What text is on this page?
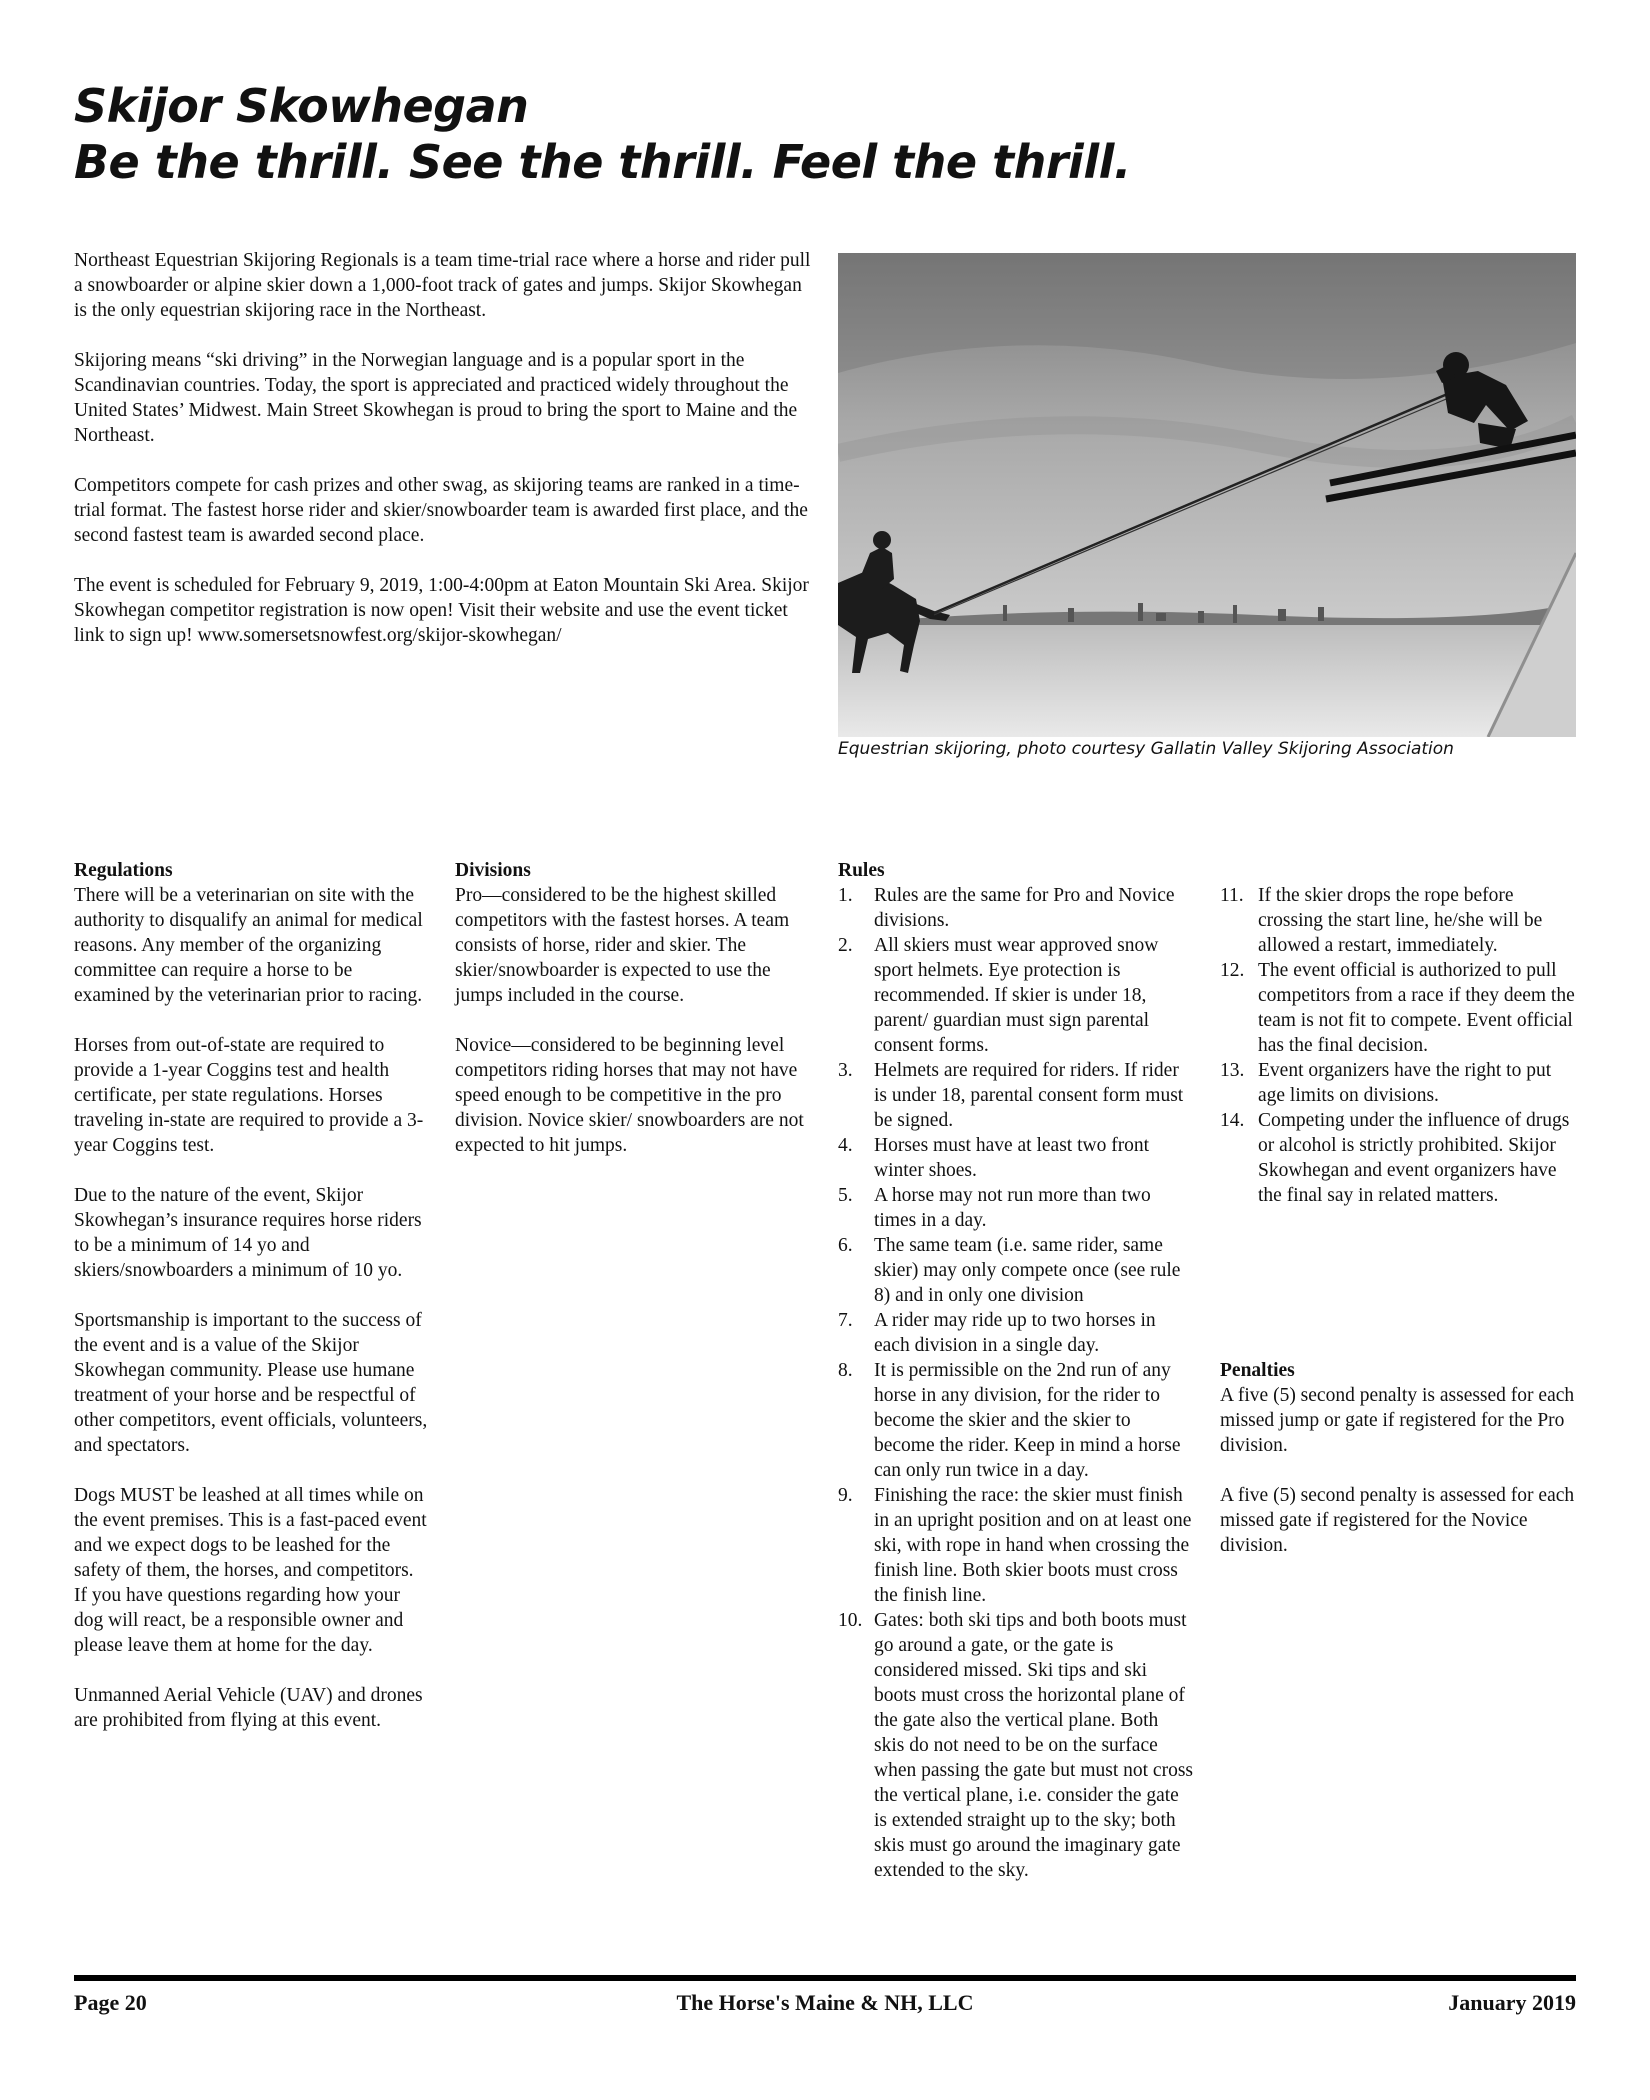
Skijor Skowhegan
Be the thrill. See the thrill. Feel the thrill.

Northeast Equestrian Skijoring Regionals is a team time-trial race where a horse and rider pull a snowboarder or alpine skier down a 1,000-foot track of gates and jumps. Skijor Skowhegan is the only equestrian skijoring race in the Northeast.

Skijoring means “ski driving” in the Norwegian language and is a popular sport in the Scandinavian countries. Today, the sport is appreciated and practiced widely throughout the United States’ Midwest. Main Street Skowhegan is proud to bring the sport to Maine and the Northeast.

Competitors compete for cash prizes and other swag, as skijoring teams are ranked in a time-trial format. The fastest horse rider and skier/snowboarder team is awarded first place, and the second fastest team is awarded second place.

The event is scheduled for February 9, 2019, 1:00-4:00pm at Eaton Mountain Ski Area. Skijor Skowhegan competitor registration is now open! Visit their website and use the event ticket link to sign up! www.somersetsnowfest.org/skijor-skowhegan/

Equestrian skijoring, photo courtesy Gallatin Valley Skijoring Association
Regulations

There will be a veterinarian on site with the authority to disqualify an animal for medical reasons. Any member of the organizing committee can require a horse to be examined by the veterinarian prior to racing.

Horses from out-of-state are required to provide a 1-year Coggins test and health certificate, per state regulations. Horses traveling in-state are required to provide a 3-year Coggins test.

Due to the nature of the event, Skijor Skowhegan’s insurance requires horse riders to be a minimum of 14 yo and skiers/snowboarders a minimum of 10 yo.

Sportsmanship is important to the success of the event and is a value of the Skijor Skowhegan community. Please use humane treatment of your horse and be respectful of other competitors, event officials, volunteers, and spectators.

Dogs MUST be leashed at all times while on the event premises. This is a fast-paced event and we expect dogs to be leashed for the safety of them, the horses, and competitors. If you have questions regarding how your dog will react, be a responsible owner and please leave them at home for the day.

Unmanned Aerial Vehicle (UAV) and drones are prohibited from flying at this event.

Divisions

Pro—considered to be the highest skilled competitors with the fastest horses. A team consists of horse, rider and skier. The skier/snowboarder is expected to use the jumps included in the course.

Novice—considered to be beginning level competitors riding horses that may not have speed enough to be competitive in the pro division. Novice skier/ snowboarders are not expected to hit jumps.

Rules
1.	Rules are the same for Pro and Novice divisions.
2.	All skiers must wear approved snow sport helmets. Eye protection is recommended. If skier is under 18, parent/ guardian must sign parental consent forms.
3.	Helmets are required for riders. If rider is under 18, parental consent form must be signed.
4.	Horses must have at least two front winter shoes.
5.	A horse may not run more than two times in a day.
6.	The same team (i.e. same rider, same skier) may only compete once (see rule 8) and in only one division
7.	A rider may ride up to two horses in each division in a single day.
8.	It is permissible on the 2nd run of any horse in any division, for the rider to become the skier and the skier to become the rider. Keep in mind a horse can only run twice in a day.
9.	Finishing the race: the skier must finish in an upright position and on at least one ski, with rope in hand when crossing the finish line. Both skier boots must cross the finish line.
10. Gates: both ski tips and both boots must go around a gate, or the gate is considered missed. Ski tips and ski boots must cross the horizontal plane of the gate also the vertical plane. Both skis do not need to be on the surface when passing the gate but must not cross the vertical plane, i.e. consider the gate is extended straight up to the sky; both skis must go around the imaginary gate extended to the sky.
11. If the skier drops the rope before crossing the start line, he/she will be allowed a restart, immediately.
12. The event official is authorized to pull competitors from a race if they deem the team is not fit to compete. Event official has the final decision.
13. Event organizers have the right to put age limits on divisions.
14. Competing under the influence of drugs or alcohol is strictly prohibited. Skijor Skowhegan and event organizers have the final say in related matters.
Penalties

A five (5) second penalty is assessed for each missed jump or gate if registered for the Pro division.

A five (5) second penalty is assessed for each missed gate if registered for the Novice division.

Page 20	The Horse's Maine & NH, LLC	January 2019
